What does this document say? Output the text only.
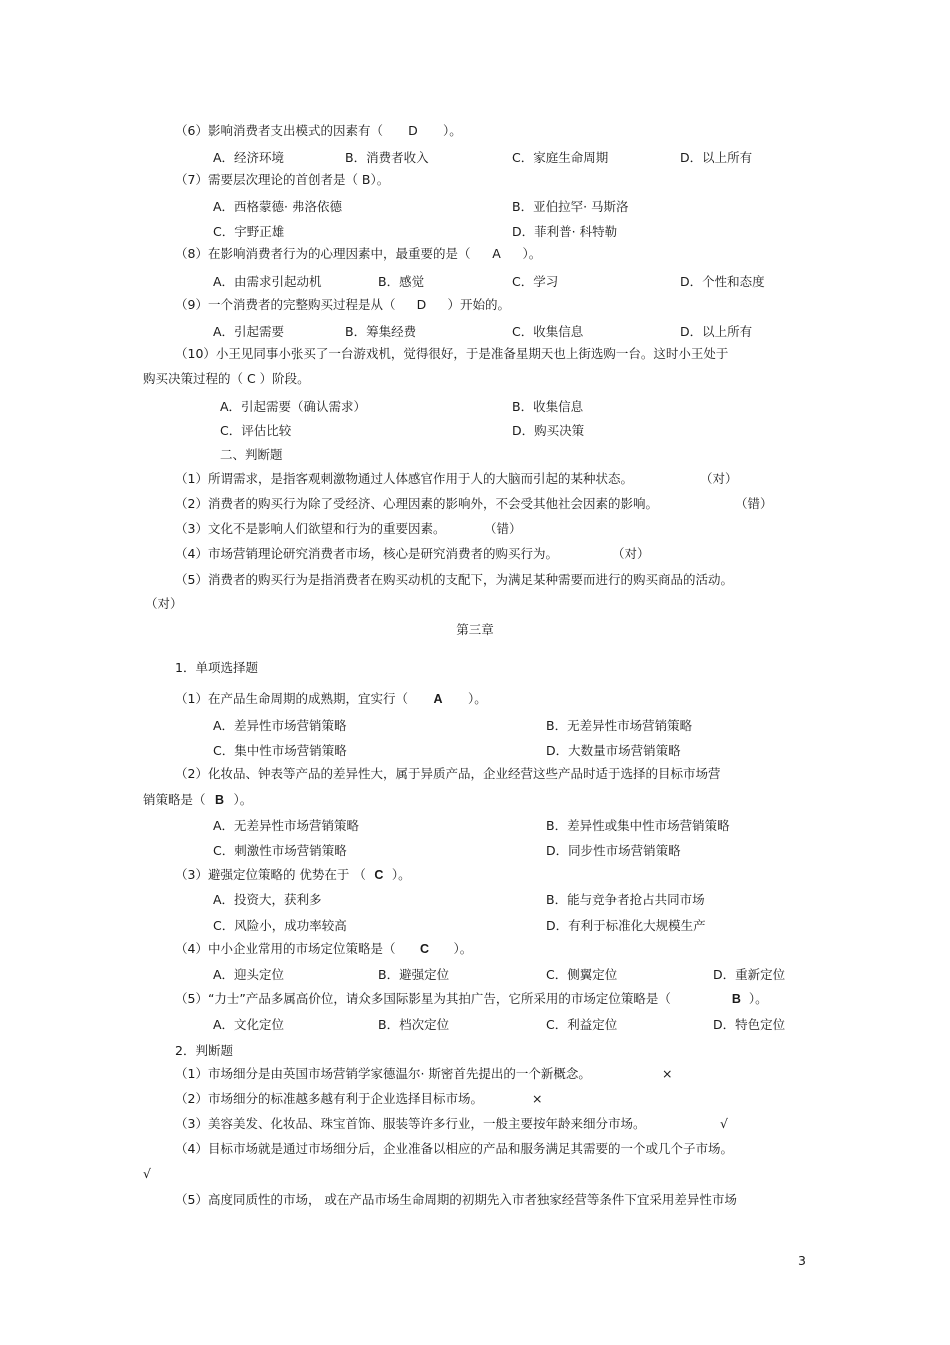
（6）影响消费者支出模式的因素有（ D ）。
A．经济环境	B．消费者收入	C．家庭生命周期	D．以上所有
（7）需要层次理论的首创者是（ B）。
A．西格蒙德· 弗洛依德	B．亚伯拉罕· 马斯洛
C．宇野正雄	D．菲利普· 科特勒
（8）在影响消费者行为的心理因素中，最重要的是（ A ）。
A．由需求引起动机	B．感觉	C．学习	D．个性和态度
（9）一个消费者的完整购买过程是从（ D ）开始的。
A．引起需要	B．筹集经费	C．收集信息	D．以上所有
（10）小王见同事小张买了一台游戏机，觉得很好，于是准备星期天也上街选购一台。这时小王处于
购买决策过程的（ C ）阶段。
A．引起需要（确认需求）	B．收集信息
C．评估比较	D．购买决策
二、判断题
（1）所谓需求，是指客观刺激物通过人体感官作用于人的大脑而引起的某种状态。	（对）
（2）消费者的购买行为除了受经济、心理因素的影响外，不会受其他社会因素的影响。	（错）
（3）文化不是影响人们欲望和行为的重要因素。	（错）
（4）市场营销理论研究消费者市场，核心是研究消费者的购买行为。	（对）
（5）消费者的购买行为是指消费者在购买动机的支配下，为满足某种需要而进行的购买商品的活动。
（对）
第三章
1．单项选择题
（1）在产品生命周期的成熟期，宜实行（ A ）。
A．差异性市场营销策略	B．无差异性市场营销策略
C．集中性市场营销策略	D．大数量市场营销策略
（2）化妆品、钟表等产品的差异性大，属于异质产品，企业经营这些产品时适于选择的目标市场营
销策略是（ B ）。
A．无差异性市场营销策略	B．差异性或集中性市场营销策略
C．刺激性市场营销策略	D．同步性市场营销策略
（3）避强定位策略的 优势在于 （ C ）。
A．投资大，获利多	B．能与竞争者抢占共同市场
C．风险小，成功率较高	D．有利于标准化大规模生产
（4）中小企业常用的市场定位策略是（ C ）。
A．迎头定位	B．避强定位	C．侧翼定位	D．重新定位
（5）“力士”产品多属高价位，请众多国际影星为其拍广告，它所采用的市场定位策略是（	B ）。
A．文化定位	B．档次定位	C．利益定位	D．特色定位
2．判断题
（1）市场细分是由英国市场营销学家德温尔· 斯密首先提出的一个新概念。	×
（2）市场细分的标准越多越有利于企业选择目标市场。	×
（3）美容美发、化妆品、珠宝首饰、服装等许多行业，一般主要按年龄来细分市场。	√
（4）目标市场就是通过市场细分后，企业准备以相应的产品和服务满足其需要的一个或几个子市场。
√
（5）高度同质性的市场， 或在产品市场生命周期的初期先入市者独家经营等条件下宜采用差异性市场
3
